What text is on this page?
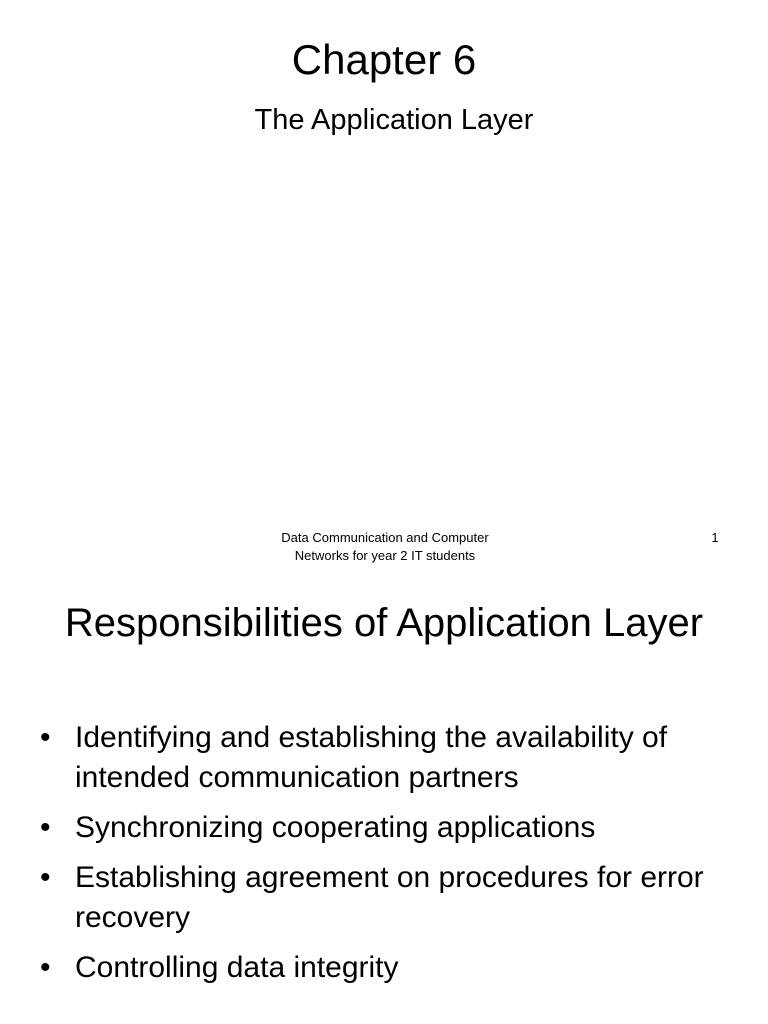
Chapter 6
The Application Layer
Data Communication and Computer Networks for year 2 IT students
1
Responsibilities of Application Layer
• Identifying and establishing the availability of intended communication partners
• Synchronizing cooperating applications
• Establishing agreement on procedures for error recovery
• Controlling data integrity
